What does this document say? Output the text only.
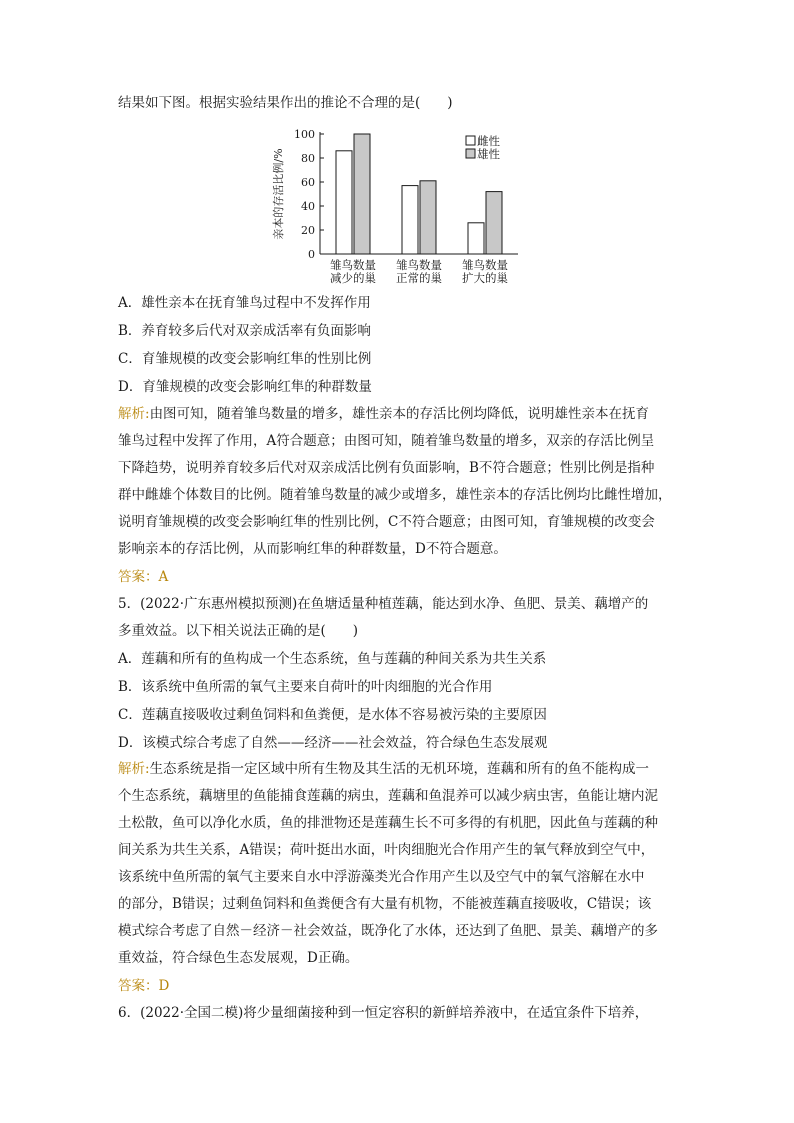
结果如下图。根据实验结果作出的推论不合理的是(　　)
0
20
40
60
80
100
亲本的存活比例/%
雏鸟数量
减少的巢
雏鸟数量
正常的巢
雏鸟数量
扩大的巢
雌性
雄性
A．雄性亲本在抚育雏鸟过程中不发挥作用
B．养育较多后代对双亲成活率有负面影响
C．育雏规模的改变会影响红隼的性别比例
D．育雏规模的改变会影响红隼的种群数量
解析:由图可知，随着雏鸟数量的增多，雄性亲本的存活比例均降低，说明雄性亲本在抚育
雏鸟过程中发挥了作用，A符合题意；由图可知，随着雏鸟数量的增多，双亲的存活比例呈
下降趋势，说明养育较多后代对双亲成活比例有负面影响，B不符合题意；性别比例是指种
群中雌雄个体数目的比例。随着雏鸟数量的减少或增多，雄性亲本的存活比例均比雌性增加，
说明育雏规模的改变会影响红隼的性别比例，C不符合题意；由图可知，育雏规模的改变会
影响亲本的存活比例，从而影响红隼的种群数量，D不符合题意。
答案：A
5．(2022·广东惠州模拟预测)在鱼塘适量种植莲藕，能达到水净、鱼肥、景美、藕增产的
多重效益。以下相关说法正确的是(　　)
A．莲藕和所有的鱼构成一个生态系统，鱼与莲藕的种间关系为共生关系
B．该系统中鱼所需的氧气主要来自荷叶的叶肉细胞的光合作用
C．莲藕直接吸收过剩鱼饲料和鱼粪便，是水体不容易被污染的主要原因
D．该模式综合考虑了自然——经济——社会效益，符合绿色生态发展观
解析:生态系统是指一定区域中所有生物及其生活的无机环境，莲藕和所有的鱼不能构成一
个生态系统，藕塘里的鱼能捕食莲藕的病虫，莲藕和鱼混养可以减少病虫害，鱼能让塘内泥
土松散，鱼可以净化水质，鱼的排泄物还是莲藕生长不可多得的有机肥，因此鱼与莲藕的种
间关系为共生关系，A错误；荷叶挺出水面，叶肉细胞光合作用产生的氧气释放到空气中，
该系统中鱼所需的氧气主要来自水中浮游藻类光合作用产生以及空气中的氧气溶解在水中
的部分，B错误；过剩鱼饲料和鱼粪便含有大量有机物，不能被莲藕直接吸收，C错误；该
模式综合考虑了自然－经济－社会效益，既净化了水体，还达到了鱼肥、景美、藕增产的多
重效益，符合绿色生态发展观，D正确。
答案：D
6．(2022·全国二模)将少量细菌接种到一恒定容积的新鲜培养液中，在适宜条件下培养，
